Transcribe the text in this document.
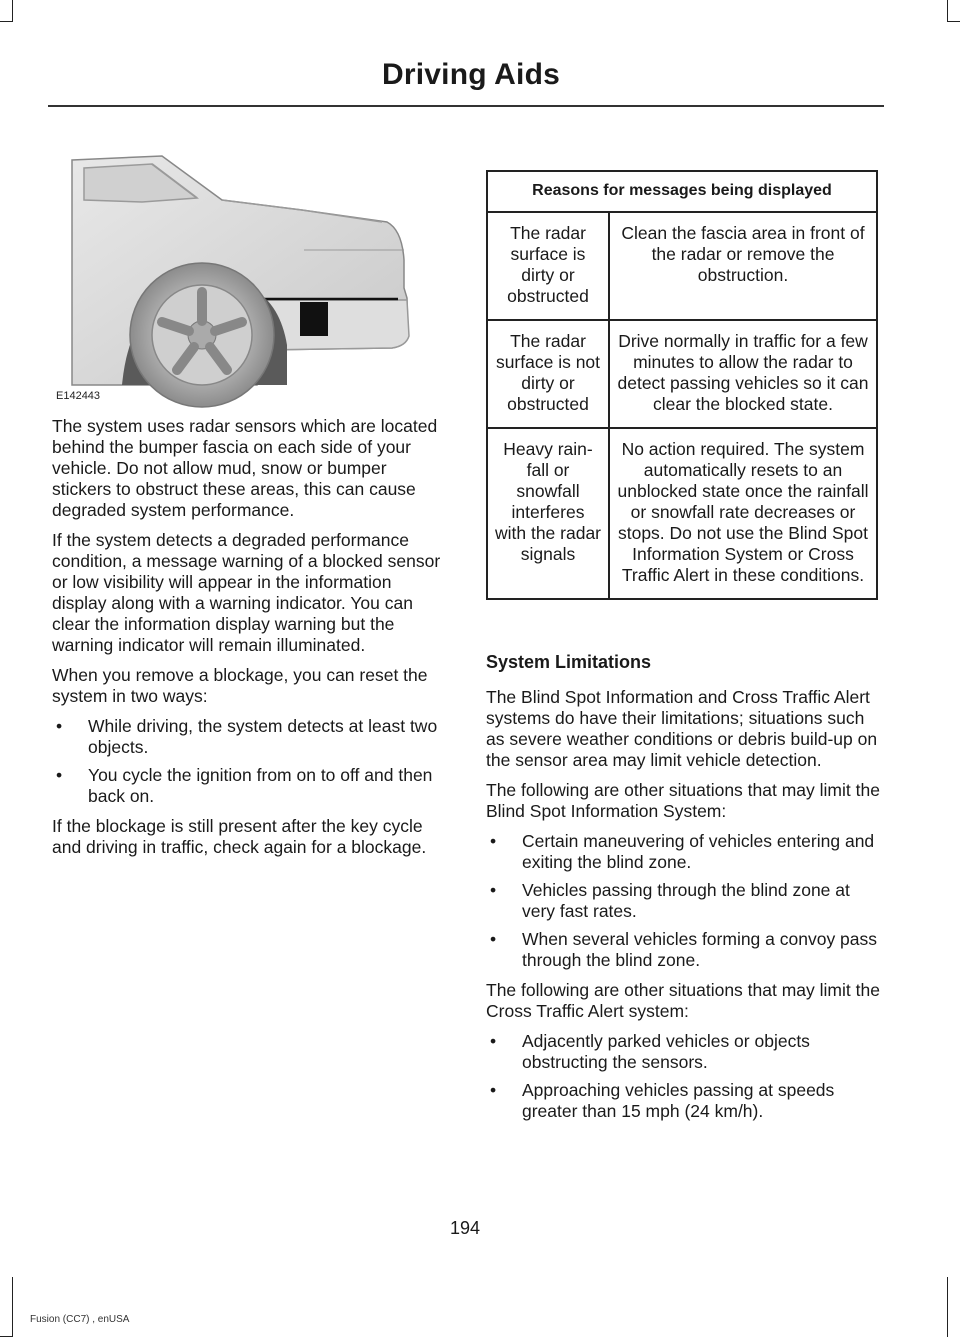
Driving Aids
E142443

The system uses radar sensors which are located behind the bumper fascia on each side of your vehicle. Do not allow mud, snow or bumper stickers to obstruct these areas, this can cause degraded system performance.

If the system detects a degraded performance condition, a message warning of a blocked sensor or low visibility will appear in the information display along with a warning indicator. You can clear the information display warning but the warning indicator will remain illuminated.

When you remove a blockage, you can reset the system in two ways:

• While driving, the system detects at least two objects.
• You cycle the ignition from on to off and then back on.

If the blockage is still present after the key cycle and driving in traffic, check again for a blockage.

Reasons for messages being displayed	
The radar surface is dirty or obstructed	Clean the fascia area in front of the radar or remove the obstruction.
The radar surface is not dirty or obstructed	Drive normally in traffic for a few minutes to allow the radar to detect passing vehicles so it can clear the blocked state.
Heavy rain-fall or snowfall interferes with the radar signals	No action required. The system automatically resets to an unblocked state once the rainfall or snowfall rate decreases or stops. Do not use the Blind Spot Information System or Cross Traffic Alert in these conditions.
System Limitations

The Blind Spot Information and Cross Traffic Alert systems do have their limitations; situations such as severe weather conditions or debris build-up on the sensor area may limit vehicle detection.

The following are other situations that may limit the Blind Spot Information System:

• Certain maneuvering of vehicles entering and exiting the blind zone.
• Vehicles passing through the blind zone at very fast rates.
• When several vehicles forming a convoy pass through the blind zone.

The following are other situations that may limit the Cross Traffic Alert system:

• Adjacently parked vehicles or objects obstructing the sensors.
• Approaching vehicles passing at speeds greater than 15 mph (24 km/h).
194
Fusion (CC7) , enUSA
